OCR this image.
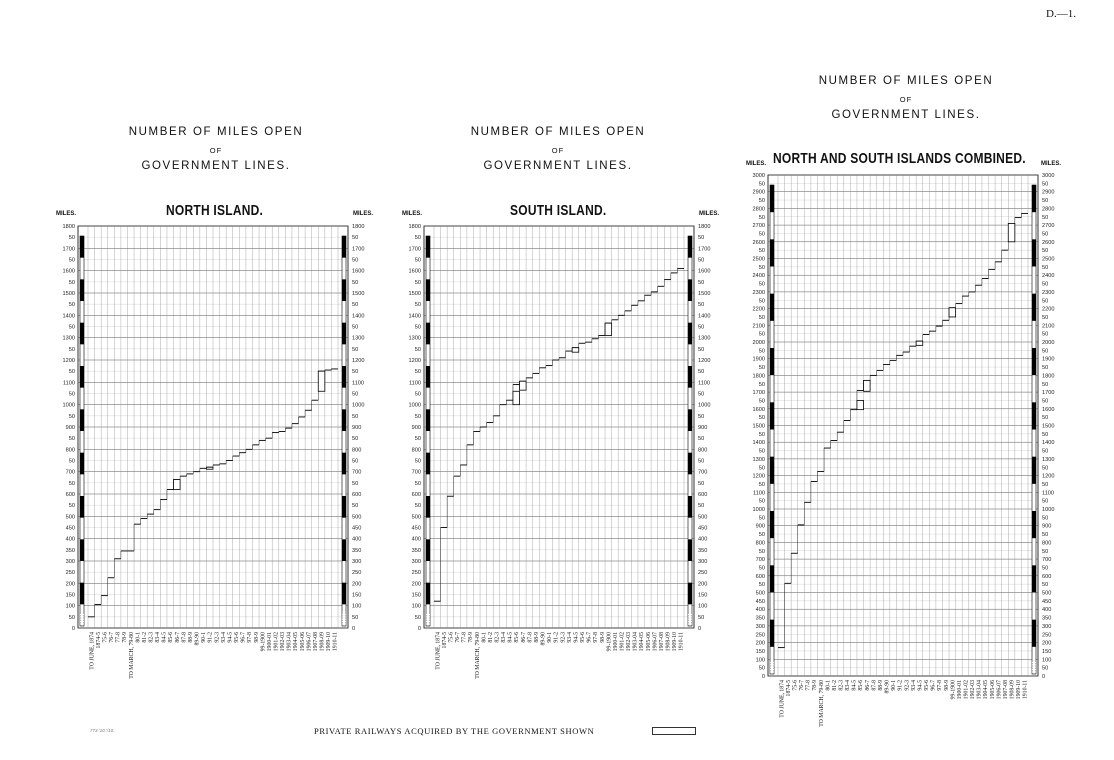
D.—1.
NUMBER OF MILES OPEN
OF
GOVERNMENT LINES.
NUMBER OF MILES OPEN
OF
GOVERNMENT LINES.
NUMBER OF MILES OPEN
OF
GOVERNMENT LINES.
NORTH ISLAND.	SOUTH ISLAND.
NORTH AND SOUTH ISLANDS COMBINED.
MILES.	MILES.	MILES.	MILES.
MILES.	MILES.
0	0
50	50
100	100
150	150
200	200
250	250
300	300
350	350
400	400
450	450
500	500
50	50
600	600
50	50
700	700
50	50
800	800
50	50
900	900
50	50
1000	1000
50	50
1100	1100
50	50
1200	1200
50	50
1300	1300
50	50
1400	1400
50	50
1500	1500
50	50
1600	1600
50	50
1700	1700
50	50
1800	1800
TO JUNE, 1874 1874-5 75-6 76-7 77-8 78-9 TO MARCH, 79-80 80-1 81-2 82-3 83-4 84-5 85-6 86-7 87-8 88-9 89-90 90-1 91-2 92-3 93-4 94-5 95-6 96-7 97-8 98-9 99-1900 1900-01 1901-02 1902-03 1903-04 1904-05 1905-06 1906-07 1907-08 1908-09 1909-10 1910-11
0	0
50	50
100	100
150	150
200	200
250	250
300	300
350	350
400	400
450	450
500	500
50	50
600	600
50	50
700	700
50	50
800	800
50	50
900	900
50	50
1000	1000
50	50
1100	1100
50	50
1200	1200
50	50
1300	1300
50	50
1400	1400
50	50
1500	1500
50	50
1600	1600
50	50
1700	1700
50	50
1800	1800
TO JUNE, 1874 1874-5 75-6 76-7 77-8 78-9 TO MARCH, 79-80 80-1 81-2 82-3 83-4 84-5 85-6 86-7 87-8 88-9 89-90 90-1 91-2 92-3 93-4 94-5 95-6 96-7 97-8 98-9 99-1900 1900-01 1901-02 1902-03 1903-04 1904-05 1905-06 1906-07 1907-08 1908-09 1909-10 1910-11
0	0
50	50
100	100
150	150
200	200
250	250
300	300
350	350
400	400
450	450
500	500
50	50
600	600
50	50
700	700
50	50
800	800
50	50
900	900
50	50
1000	1000
50	50
1100	1100
50	50
1200	1200
50	50
1300	1300
50	50
1400	1400
50	50
1500	1500
50	50
1600	1600
50	50
1700	1700
50	50
1800	1800
50	50
1900	1900
50	50
2000	2000
50	50
2100	2100
50	50
2200	2200
50	50
2300	2300
50	50
2400	2400
50	50
2500	2500
50	50
2600	2600
50	50
2700	2700
50	50
2800	2800
50	50
2900	2900
50	50
3000	3000
TO JUNE, 1874 1874-5 75-6 76-7 77-8 78-9 TO MARCH, 79-80 80-1 81-2 82-3 83-4 84-5 85-6 86-7 87-8 88-9 89-90 90-1 91-2 92-3 93-4 94-5 95-6 96-7 97-8 98-9 99-1900 1900-01 1901-02 1902-03 1903-04 1904-05 1905-06 1906-07 1907-08 1908-09 1909-10 1910-11
773.'10.’/10.	PRIVATE RAILWAYS ACQUIRED BY THE GOVERNMENT SHOWN
